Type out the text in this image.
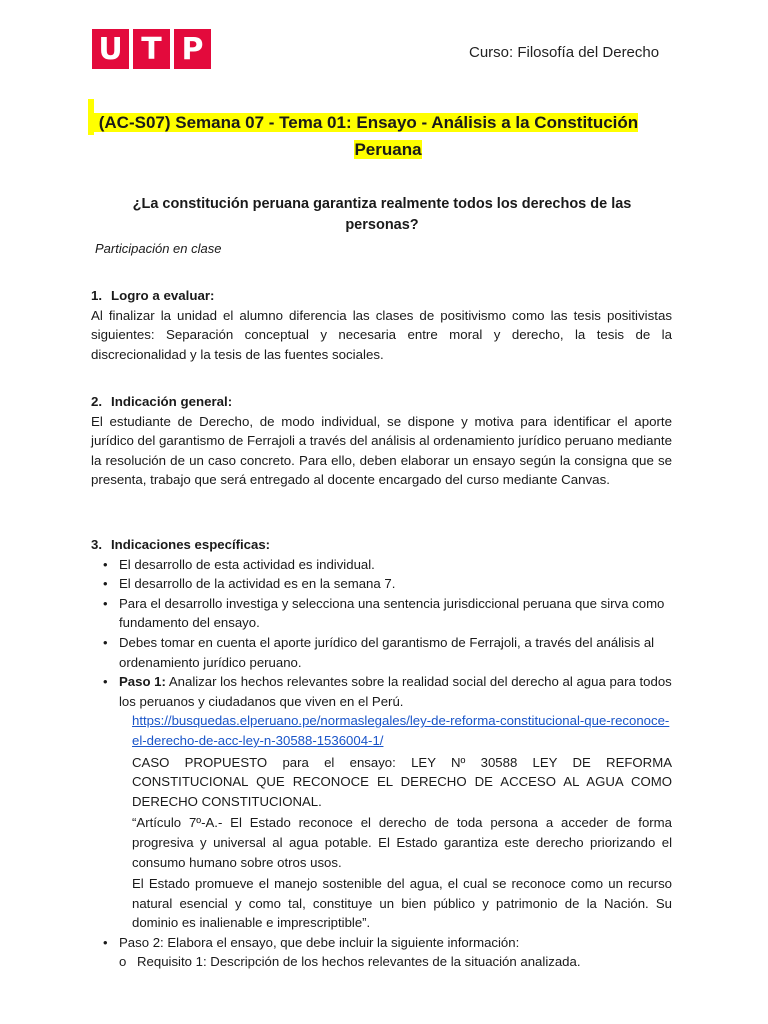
U T P	Curso: Filosofía del Derecho
(AC-S07) Semana 07 - Tema 01: Ensayo - Análisis a la Constitución
Peruana
¿La constitución peruana garantiza realmente todos los derechos de las
personas?
Participación en clase
1. Logro a evaluar:

Al finalizar la unidad el alumno diferencia las clases de positivismo como las tesis positivistas siguientes: Separación conceptual y necesaria entre moral y derecho, la tesis de la discrecionalidad y la tesis de las fuentes sociales.

2. Indicación general:

El estudiante de Derecho, de modo individual, se dispone y motiva para identificar el aporte jurídico del garantismo de Ferrajoli a través del análisis al ordenamiento jurídico peruano mediante la resolución de un caso concreto. Para ello, deben elaborar un ensayo según la consigna que se presenta, trabajo que será entregado al docente encargado del curso mediante Canvas.

3. Indicaciones específicas:
• El desarrollo de esta actividad es individual.
• El desarrollo de la actividad es en la semana 7.
• Para el desarrollo investiga y selecciona una sentencia jurisdiccional peruana que sirva como fundamento del ensayo.
• Debes tomar en cuenta el aporte jurídico del garantismo de Ferrajoli, a través del análisis al ordenamiento jurídico peruano.
• Paso 1: Analizar los hechos relevantes sobre la realidad social del derecho al agua para todos los peruanos y ciudadanos que viven en el Perú.

https://busquedas.elperuano.pe/normaslegales/ley-de-reforma-constitucional-que-reconoce-el-derecho-de-acc-ley-n-30588-1536004-1/

CASO PROPUESTO para el ensayo: LEY Nº 30588 LEY DE REFORMA CONSTITUCIONAL QUE RECONOCE EL DERECHO DE ACCESO AL AGUA COMO DERECHO CONSTITUCIONAL.

“Artículo 7º-A.- El Estado reconoce el derecho de toda persona a acceder de forma progresiva y universal al agua potable. El Estado garantiza este derecho priorizando el consumo humano sobre otros usos.

El Estado promueve el manejo sostenible del agua, el cual se reconoce como un recurso natural esencial y como tal, constituye un bien público y patrimonio de la Nación. Su dominio es inalienable e imprescriptible”.

• Paso 2: Elabora el ensayo, que debe incluir la siguiente información:
o Requisito 1: Descripción de los hechos relevantes de la situación analizada.
